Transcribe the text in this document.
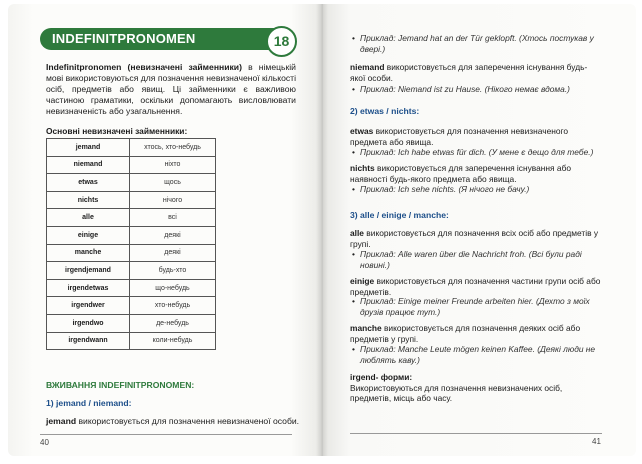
INDEFINITPRONOMEN	18
Indefinitpronomen (невизначені займенники) в німецькій мові використовуються для позначення невизначеної кількості осіб, предметів або явищ. Ці займенники є важливою частиною граматики, оскільки допомагають висловлювати невизначеність або узагальнення.
Основні невизначені займенники:
jemand	хтось, хто-небудь
niemand	ніхто
etwas	щось
nichts	нічого
alle	всі
einige	деякі
manche	деякі
irgendjemand	будь-хто
irgendetwas	що-небудь
irgendwer	хто-небудь
irgendwo	де-небудь
irgendwann	коли-небудь
ВЖИВАННЯ INDEFINITPRONOMEN:
1) jemand / niemand:
jemand використовується для позначення невизначеної особи.
40
• Приклад: Jemand hat an der Tür geklopft. (Хтось постукав у двері.)
niemand використовується для заперечення існування будь-якої особи.
• Приклад: Niemand ist zu Hause. (Нікого немає вдома.)
2) etwas / nichts:
etwas використовується для позначення невизначеного предмета або явища.
• Приклад: Ich habe etwas für dich. (У мене є дещо для тебе.)
nichts використовується для заперечення існування або наявності будь-якого предмета або явища.
• Приклад: Ich sehe nichts. (Я нічого не бачу.)
3) alle / einige / manche:
alle використовується для позначення всіх осіб або предметів у групі.
• Приклад: Alle waren über die Nachricht froh. (Всі були раді новині.)
einige використовується для позначення частини групи осіб або предметів.
• Приклад: Einige meiner Freunde arbeiten hier. (Дехто з моїх друзів працює тут.)
manche використовується для позначення деяких осіб або предметів у групі.
• Приклад: Manche Leute mögen keinen Kaffee. (Деякі люди не люблять каву.)
irgend- форми:
Використовуються для позначення невизначених осіб, предметів, місць або часу.
41
